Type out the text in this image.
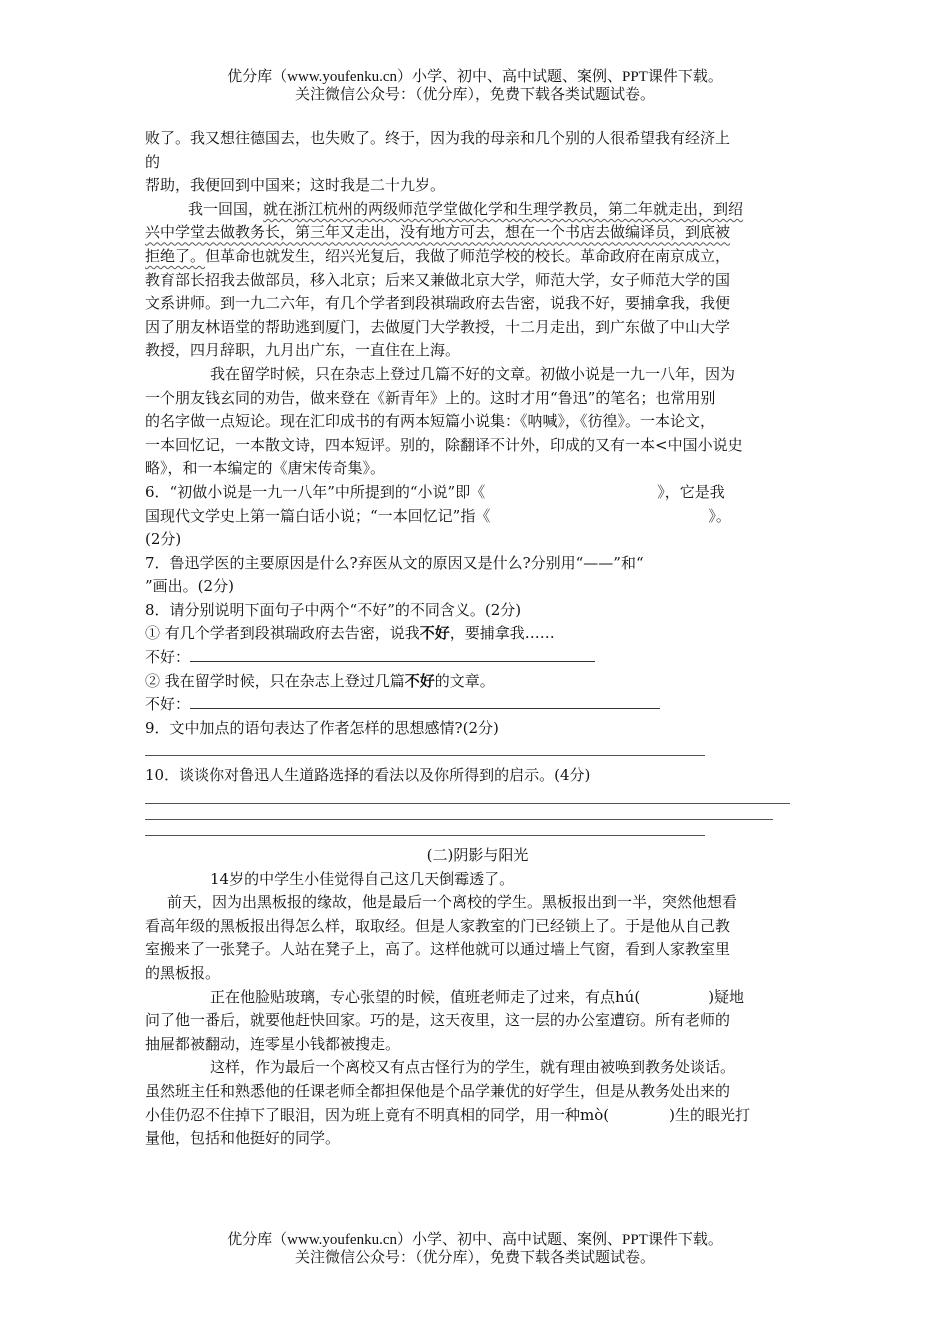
优分库（www.youfenku.cn）小学、初中、高中试题、案例、PPT课件下载。
关注微信公众号：（优分库），免费下载各类试题试卷。
败了。我又想往德国去，也失败了。终于，因为我的母亲和几个别的人很希望我有经济上
的
帮助，我便回到中国来；这时我是二十九岁。
我一回国，就在浙江杭州的两级师范学堂做化学和生理学教员，第二年就走出，到绍
兴中学堂去做教务长，第三年又走出，没有地方可去，想在一个书店去做编译员，到底被
拒绝了。但革命也就发生，绍兴光复后，我做了师范学校的校长。革命政府在南京成立，
教育部长招我去做部员，移入北京；后来又兼做北京大学，师范大学，女子师范大学的国
文系讲师。到一九二六年，有几个学者到段祺瑞政府去告密，说我不好，要捕拿我，我便
因了朋友林语堂的帮助逃到厦门，去做厦门大学教授，十二月走出，到广东做了中山大学
教授，四月辞职，九月出广东，一直住在上海。
我在留学时候，只在杂志上登过几篇不好的文章。初做小说是一九一八年，因为
一个朋友钱玄同的劝告，做来登在《新青年》上的。这时才用“鲁迅”的笔名；也常用别
的名字做一点短论。现在汇印成书的有两本短篇小说集：《呐喊》，《彷徨》。一本论文，
一本回忆记，一本散文诗，四本短评。别的，除翻译不计外，印成的又有一本<中国小说史
略》，和一本编定的《唐宋传奇集》。
6．“初做小说是一九一八年”中所提到的“小说”即《	》，它是我
国现代文学史上第一篇白话小说；“一本回忆记”指《	》。
(2分)
7．鲁迅学医的主要原因是什么?弃医从文的原因又是什么?分别用“——”和“
”画出。(2分)
8．请分别说明下面句子中两个“不好”的不同含义。(2分)
① 有几个学者到段祺瑞政府去告密，说我不好，要捕拿我……
不好：
② 我在留学时候，只在杂志上登过几篇不好的文章。
不好：
9．文中加点的语句表达了作者怎样的思想感情?(2分)
10．谈谈你对鲁迅人生道路选择的看法以及你所得到的启示。(4分)
(二)阴影与阳光
14岁的中学生小佳觉得自己这几天倒霉透了。
前天，因为出黑板报的缘故，他是最后一个离校的学生。黑板报出到一半，突然他想看
看高年级的黑板报出得怎么样，取取经。但是人家教室的门已经锁上了。于是他从自己教
室搬来了一张凳子。人站在凳子上，高了。这样他就可以通过墙上气窗，看到人家教室里
的黑板报。
正在他脸贴玻璃，专心张望的时候，值班老师走了过来，有点hú(	)疑地
问了他一番后，就要他赶快回家。巧的是，这天夜里，这一层的办公室遭窃。所有老师的
抽屉都被翻动，连零星小钱都被搜走。
这样，作为最后一个离校又有点古怪行为的学生，就有理由被唤到教务处谈话。
虽然班主任和熟悉他的任课老师全都担保他是个品学兼优的好学生，但是从教务处出来的
小佳仍忍不住掉下了眼泪，因为班上竟有不明真相的同学，用一种mò(	)生的眼光打
量他，包括和他挺好的同学。
优分库（www.youfenku.cn）小学、初中、高中试题、案例、PPT课件下载。
关注微信公众号：（优分库），免费下载各类试题试卷。
